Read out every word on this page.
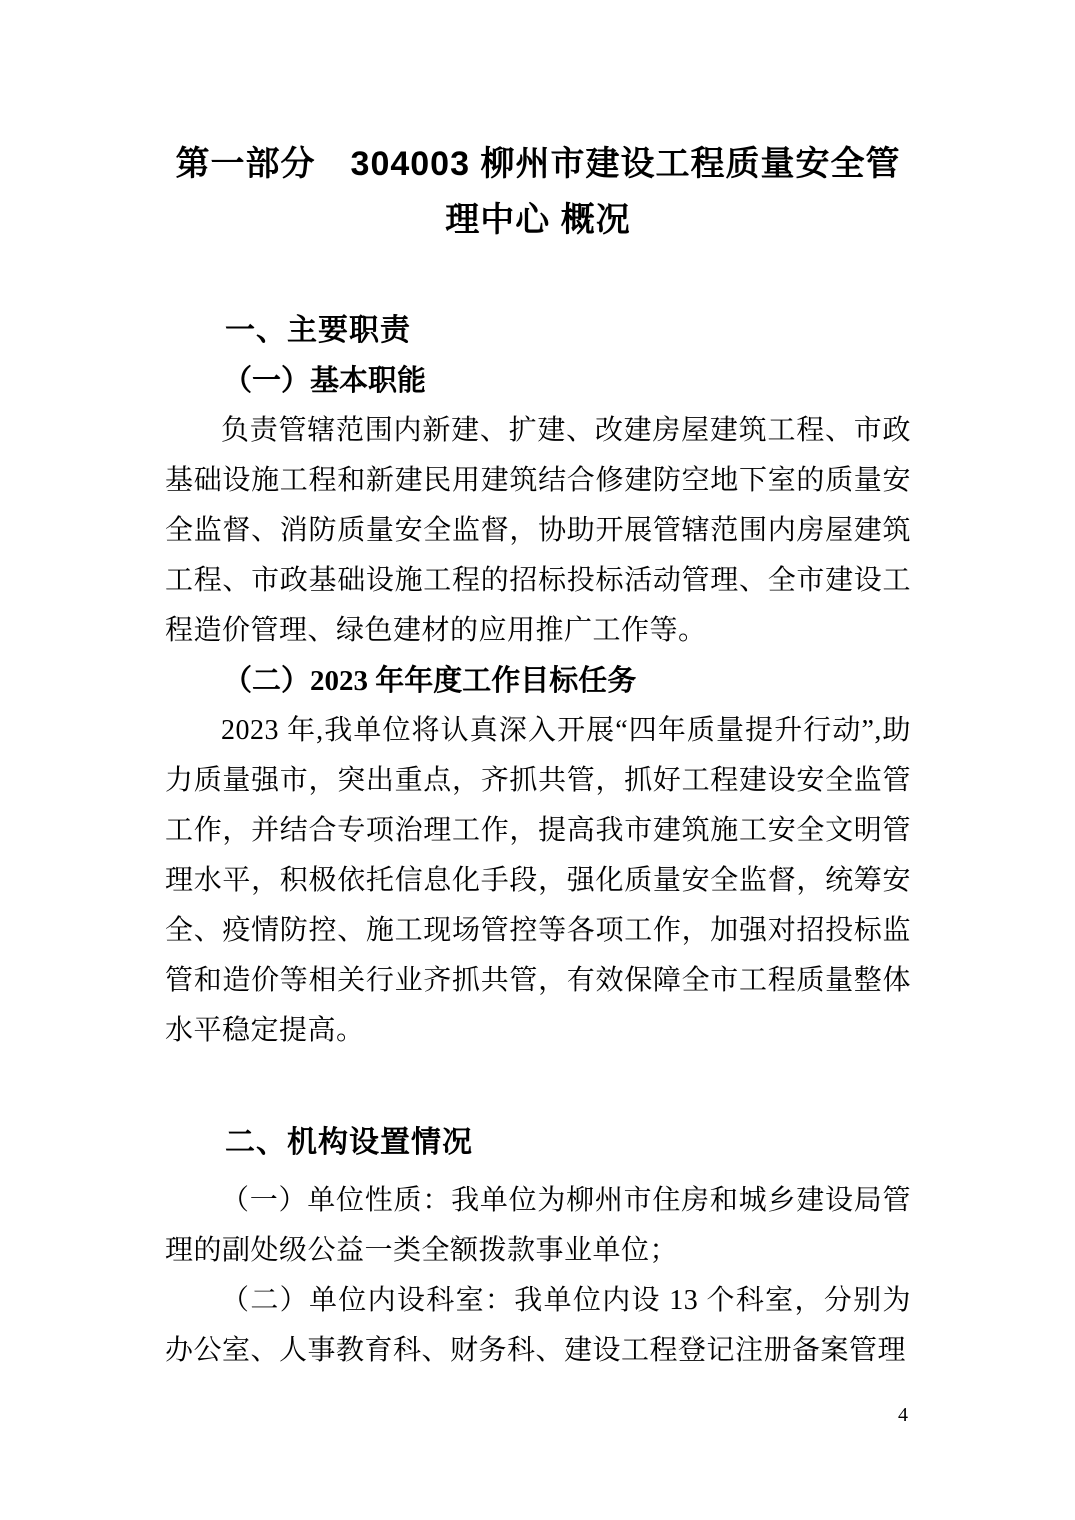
第一部分　304003 柳州市建设工程质量安全管理中心 概况
一、主要职责
（一）基本职能

负责管辖范围内新建、扩建、改建房屋建筑工程、市政基础设施工程和新建民用建筑结合修建防空地下室的质量安全监督、消防质量安全监督，协助开展管辖范围内房屋建筑工程、市政基础设施工程的招标投标活动管理、全市建设工程造价管理、绿色建材的应用推广工作等。

（二）2023 年年度工作目标任务

2023 年,我单位将认真深入开展“四年质量提升行动”,助力质量强市，突出重点，齐抓共管，抓好工程建设安全监管工作，并结合专项治理工作，提高我市建筑施工安全文明管理水平，积极依托信息化手段，强化质量安全监督，统筹安全、疫情防控、施工现场管控等各项工作，加强对招投标监管和造价等相关行业齐抓共管，有效保障全市工程质量整体水平稳定提高。

二、机构设置情况

（一）单位性质：我单位为柳州市住房和城乡建设局管理的副处级公益一类全额拨款事业单位；

（二）单位内设科室：我单位内设 13 个科室，分别为办公室、人事教育科、财务科、建设工程登记注册备案管理

4
